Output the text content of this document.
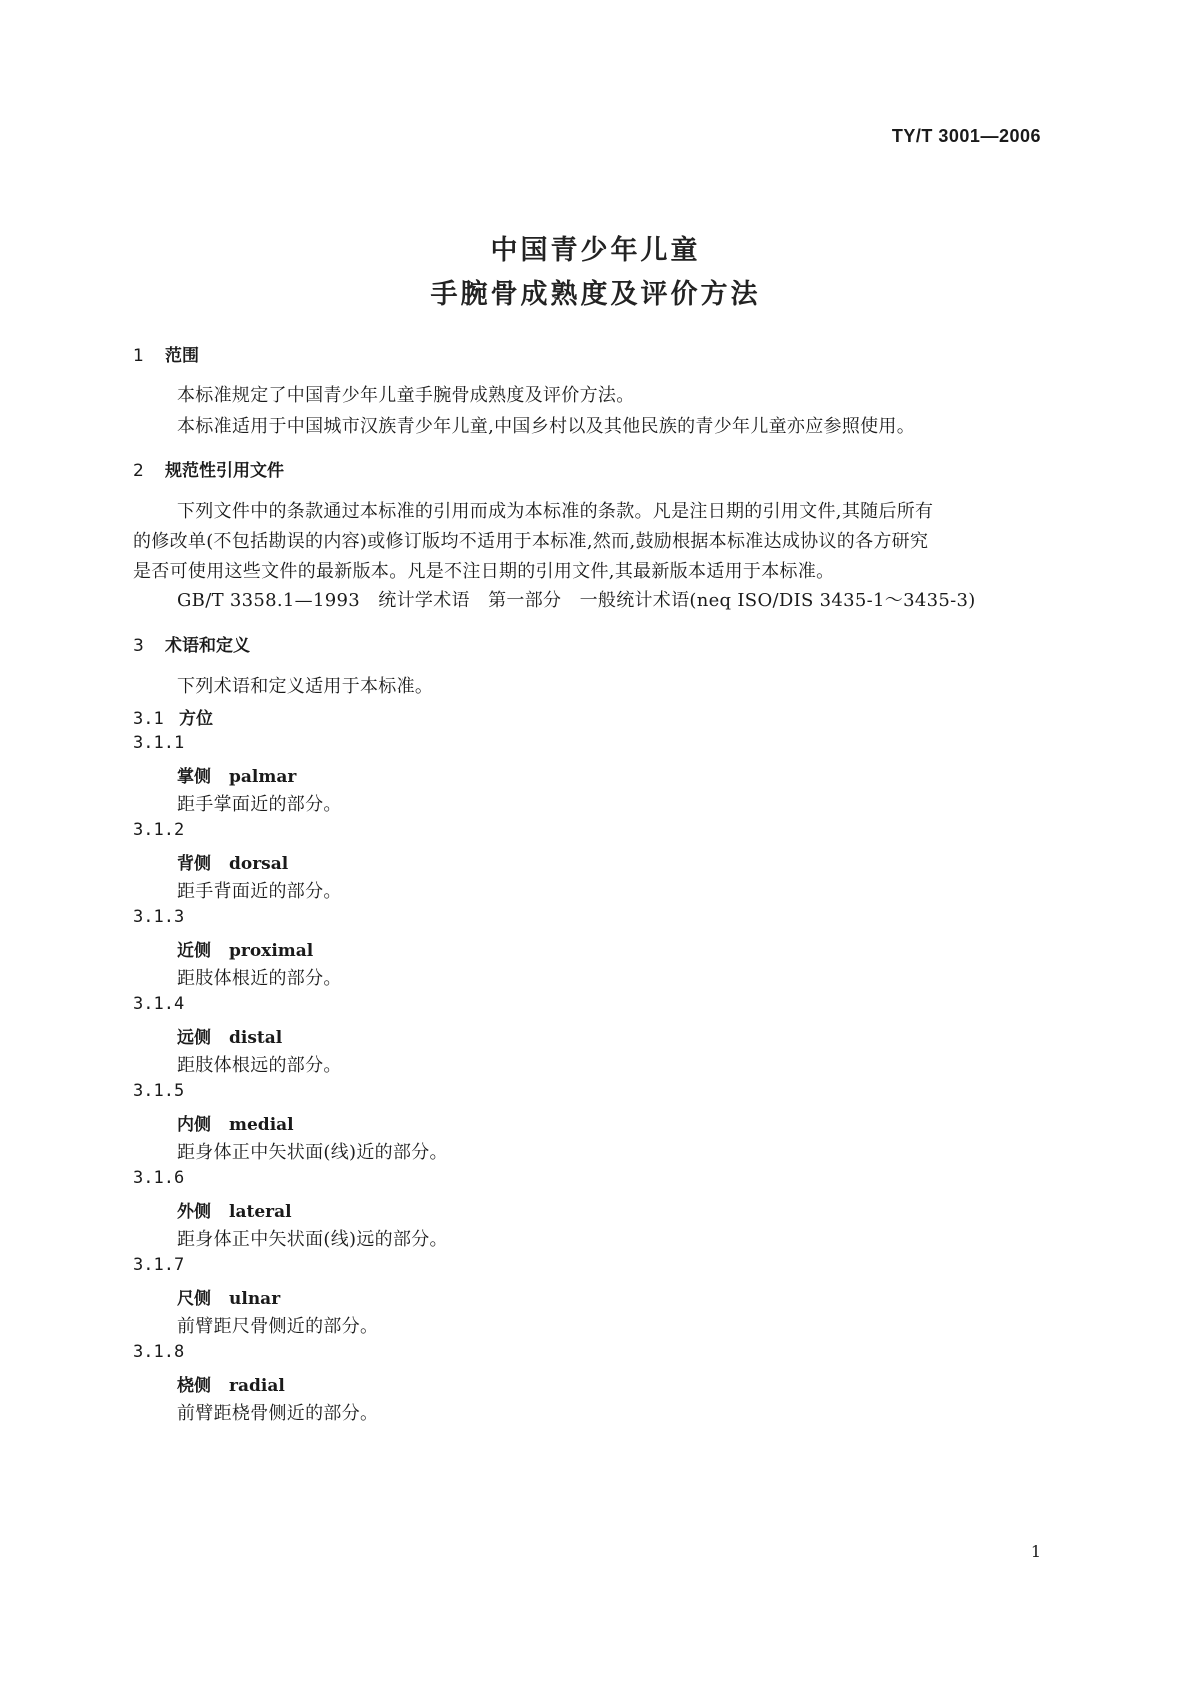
TY/T 3001—2006
中国青少年儿童
手腕骨成熟度及评价方法
1 范围
本标准规定了中国青少年儿童手腕骨成熟度及评价方法。
本标准适用于中国城市汉族青少年儿童,中国乡村以及其他民族的青少年儿童亦应参照使用。
2 规范性引用文件
下列文件中的条款通过本标准的引用而成为本标准的条款。凡是注日期的引用文件,其随后所有
的修改单(不包括勘误的内容)或修订版均不适用于本标准,然而,鼓励根据本标准达成协议的各方研究
是否可使用这些文件的最新版本。凡是不注日期的引用文件,其最新版本适用于本标准。
GB/T 3358.1—1993　统计学术语　第一部分　一般统计术语(neq ISO/DIS 3435-1～3435-3)
3 术语和定义
下列术语和定义适用于本标准。
3.1 方位
3.1.1
掌侧 palmar
距手掌面近的部分。
3.1.2
背侧 dorsal
距手背面近的部分。
3.1.3
近侧 proximal
距肢体根近的部分。
3.1.4
远侧 distal
距肢体根远的部分。
3.1.5
内侧 medial
距身体正中矢状面(线)近的部分。
3.1.6
外侧 lateral
距身体正中矢状面(线)远的部分。
3.1.7
尺侧 ulnar
前臂距尺骨侧近的部分。
3.1.8
桡侧 radial
前臂距桡骨侧近的部分。
1
